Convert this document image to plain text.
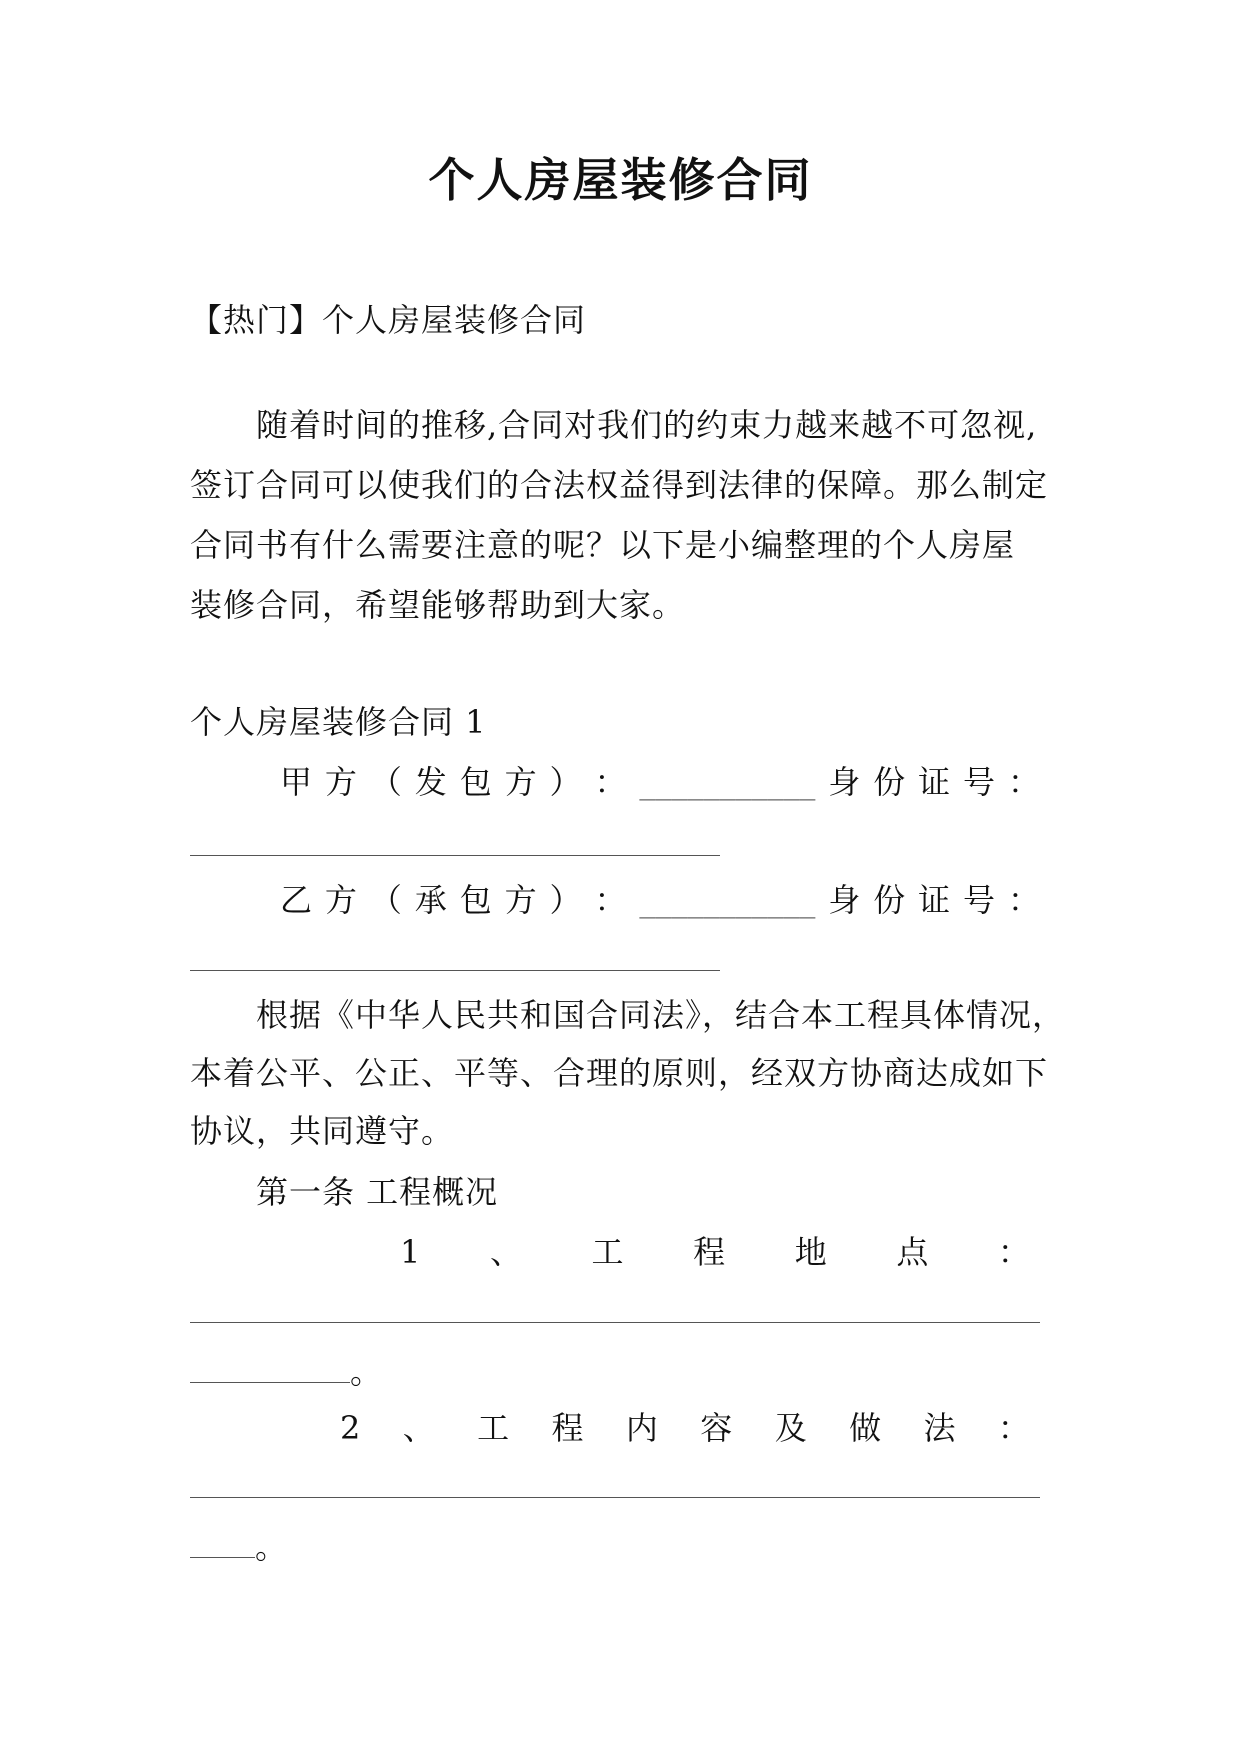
个人房屋装修合同
【热门】个人房屋装修合同
随着时间的推移,合同对我们的约束力越来越不可忽视,
签订合同可以使我们的合法权益得到法律的保障。那么制定
合同书有什么需要注意的呢？以下是小编整理的个人房屋
装修合同，希望能够帮助到大家。
个人房屋装修合同 1
甲 方 （ 发 包 方 ） ： ___________ 身 份 证 号 ：
乙 方 （ 承 包 方 ） ： ___________ 身 份 证 号 ：
根据《中华人民共和国合同法》，结合本工程具体情况，
本着公平、公正、平等、合理的原则，经双方协商达成如下
协议，共同遵守。
第一条 工程概况
1 、 工 程 地 点 ：
。
2 、 工 程 内 容 及 做 法 ：
。
